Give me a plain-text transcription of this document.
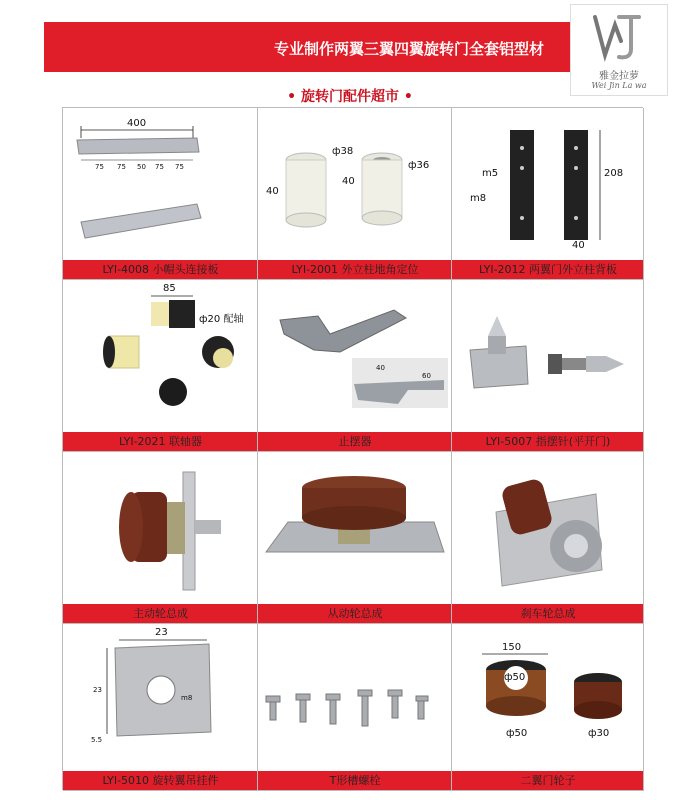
专业制作两翼三翼四翼旋转门全套铝型材
雅金拉萝
Wei Jin La wa
• 旋转门配件超市 •
400
75 75 50 75 75
LYI-4008 小帽头连接板
ф38
40
ф36
40
LYI-2001 外立柱地角定位
m5
m8
208
40
LYI-2012 两翼门外立柱背板
85
ф20 配轴
LYI-2021 联轴器
40
60
止摆器	LYI-5007 指摆针(平开门)
主动轮总成	从动轮总成	刹车轮总成
23
23
m8
5.5
LYI-5010 旋转翼吊挂件	T形槽螺栓
150
ф50
ф50	ф30
二翼门轮子
